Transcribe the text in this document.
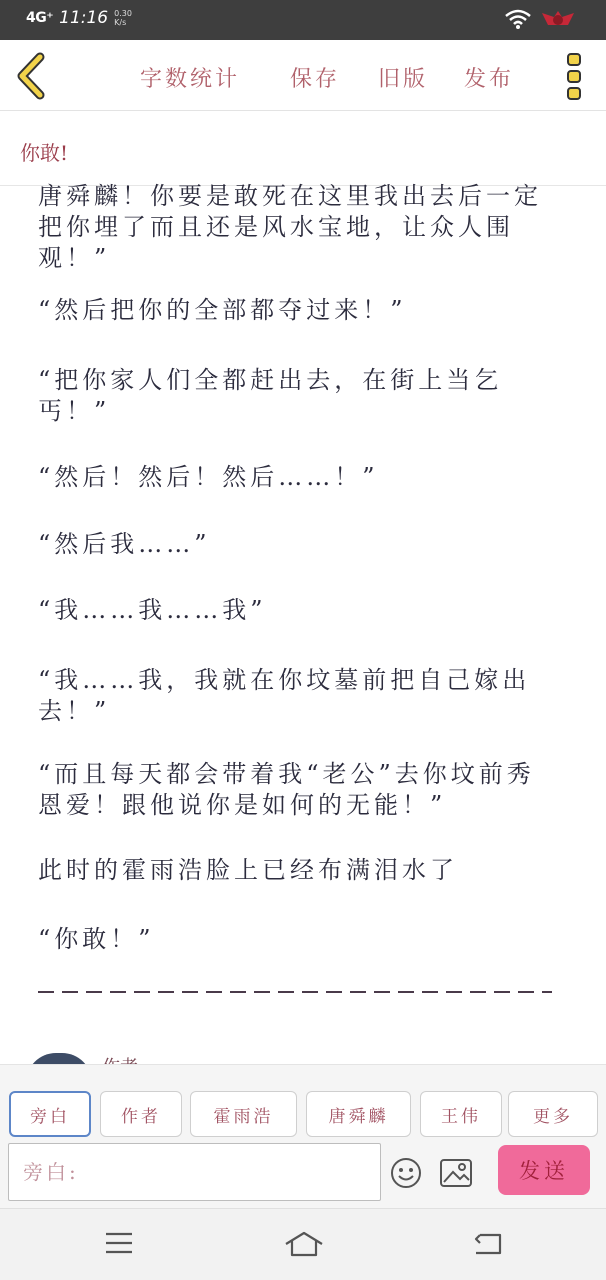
4G⁺ 11:16 0.30 K/s
字数统计 保存 旧版 发布
你敢!

唐舜麟！你要是敢死在这里我出去后一定把你埋了而且还是风水宝地，让众人围观！”

“然后把你的全部都夺过来！”

“把你家人们全都赶出去，在街上当乞丐！”

“然后！然后！然后……！”

“然后我……”

“我……我……我”

“我……我，我就在你坟墓前把自己嫁出去！”

“而且每天都会带着我“老公”去你坟前秀恩爱！跟他说你是如何的无能！”

此时的霍雨浩脸上已经布满泪水了

“你敢！”

旁白	作者	霍雨浩	唐舜麟	王伟	更多
旁白:
发送
